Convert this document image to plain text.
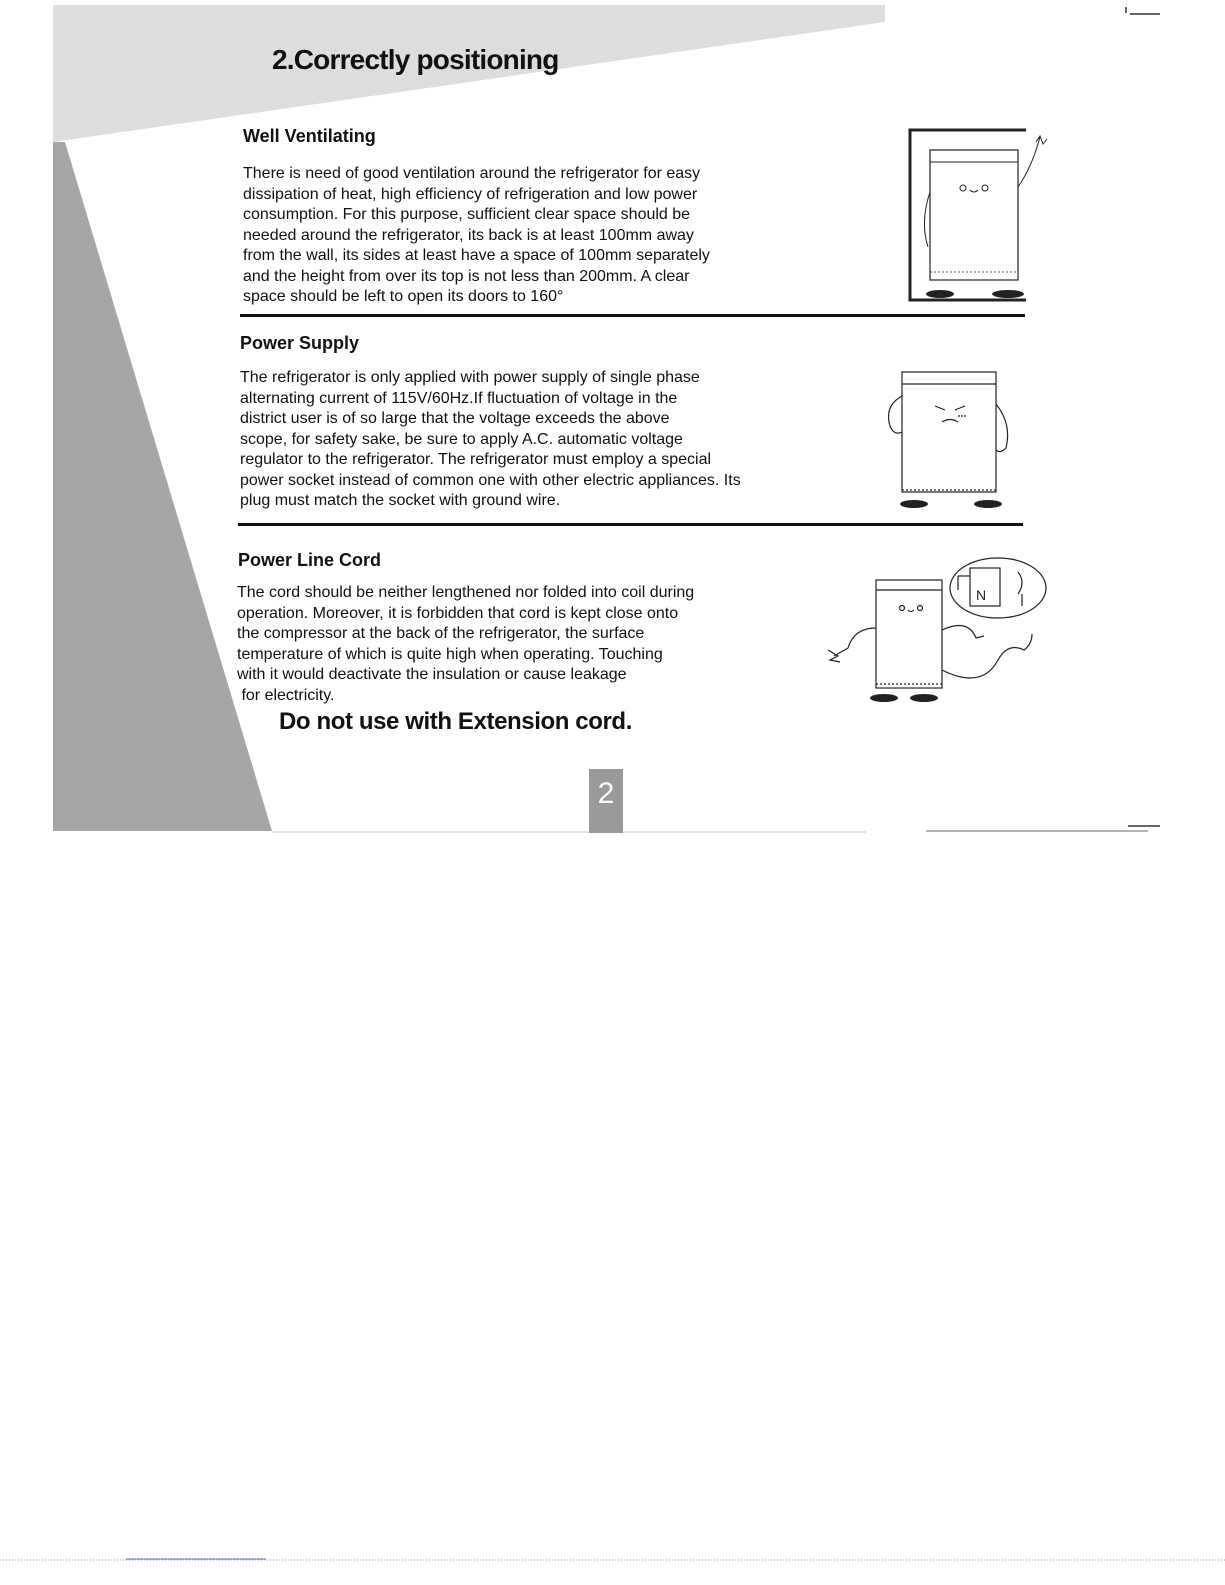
2.Correctly positioning
Well Ventilating
There is need of good ventilation around the refrigerator for easy
dissipation of heat, high efficiency of refrigeration and low power
consumption. For this purpose, sufficient clear space should be
needed around the refrigerator, its back is at least 100mm away
from the wall, its sides at least have a space of 100mm separately
and the height from over its top is not less than 200mm. A clear
space should be left to open its doors to 160°
Power Supply
The refrigerator is only applied with power supply of single phase
alternating current of 115V/60Hz.If fluctuation of voltage in the
district user is of so large that the voltage exceeds the above
scope, for safety sake, be sure to apply A.C. automatic voltage
regulator to the refrigerator. The refrigerator must employ a special
power socket instead of common one with other electric appliances. Its
plug must match the socket with ground wire.
Power Line Cord
The cord should be neither lengthened nor folded into coil during
operation. Moreover, it is forbidden that cord is kept close onto
the compressor at the back of the refrigerator, the surface
temperature of which is quite high when operating. Touching
with it would deactivate the insulation or cause leakage
for electricity.
Do not use with Extension cord.
2
N
